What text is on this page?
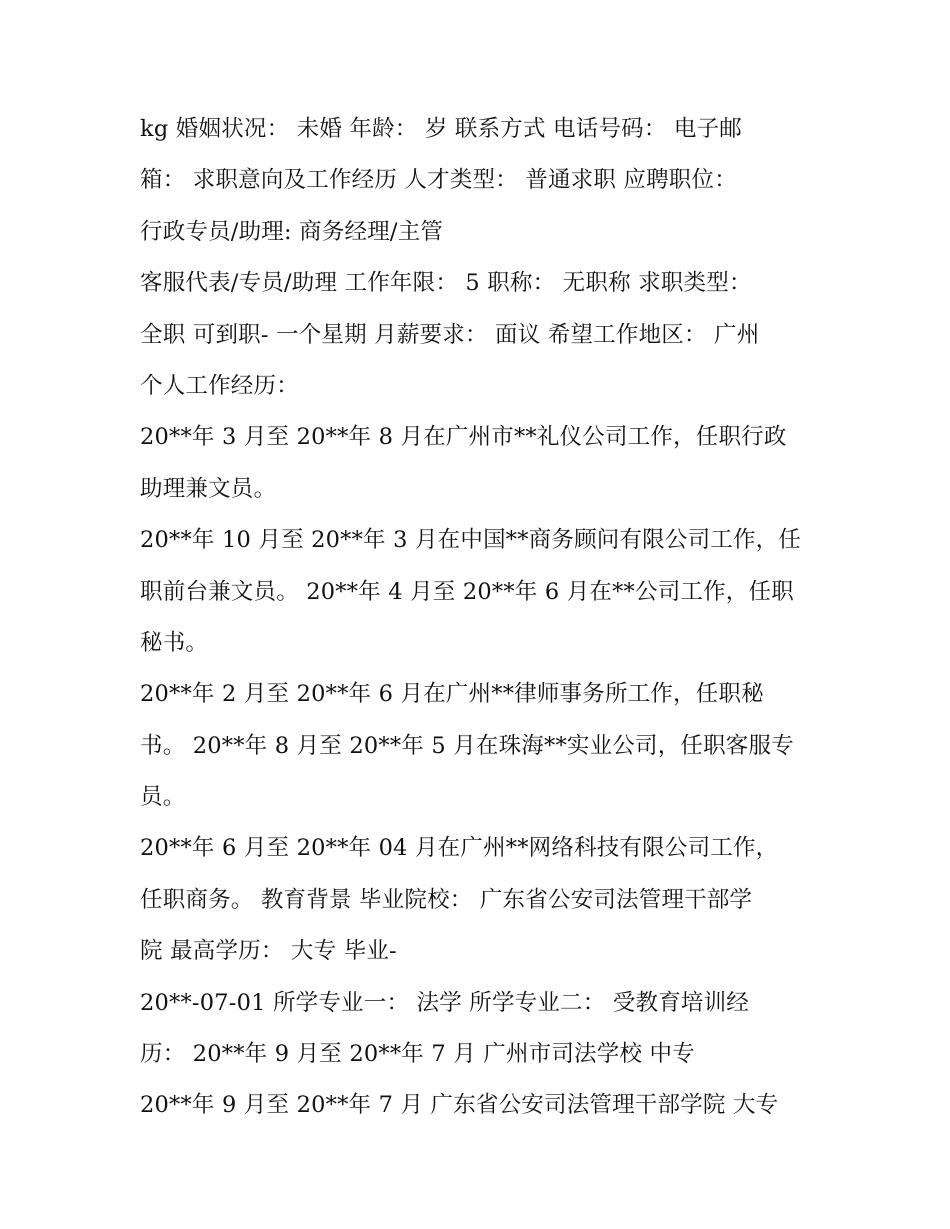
kg 婚姻状况： 未婚 年龄： 岁 联系方式 电话号码： 电子邮
箱： 求职意向及工作经历 人才类型： 普通求职 应聘职位：
行政专员/助理: 商务经理/主管
客服代表/专员/助理 工作年限： 5 职称： 无职称 求职类型：
全职 可到职- 一个星期 月薪要求： 面议 希望工作地区： 广州
个人工作经历：
20**年 3 月至 20**年 8 月在广州市**礼仪公司工作，任职行政
助理兼文员。
20**年 10 月至 20**年 3 月在中国**商务顾问有限公司工作，任
职前台兼文员。 20**年 4 月至 20**年 6 月在**公司工作，任职
秘书。
20**年 2 月至 20**年 6 月在广州**律师事务所工作，任职秘
书。 20**年 8 月至 20**年 5 月在珠海**实业公司，任职客服专
员。
20**年 6 月至 20**年 04 月在广州**网络科技有限公司工作，
任职商务。 教育背景 毕业院校： 广东省公安司法管理干部学
院 最高学历： 大专 毕业-
20**-07-01 所学专业一： 法学 所学专业二： 受教育培训经
历： 20**年 9 月至 20**年 7 月 广州市司法学校 中专
20**年 9 月至 20**年 7 月 广东省公安司法管理干部学院 大专
